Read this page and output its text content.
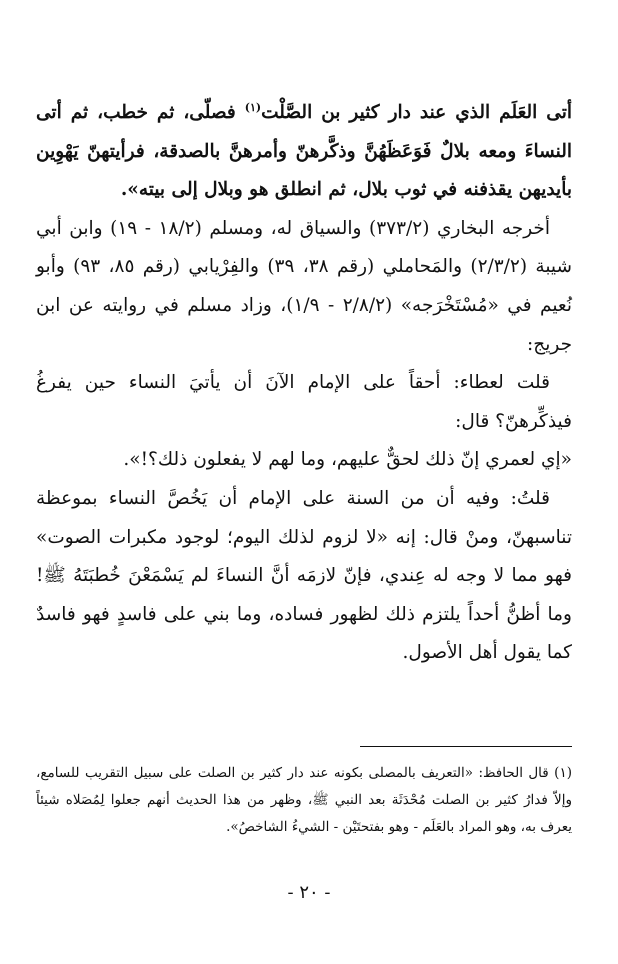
أتى العَلَم الذي عند دار كثير بن الصَّلْت$^{(١)}$ فصلّى، ثم خطب، ثم أتى النساءَ ومعه بلالٌ فَوَعَظَهُنَّ وذكَّرهنّ وأمرهنَّ بالصدقة، فرأيتهنّ يَهْوِين بأيديهن يقذفنه في ثوب بلال، ثم انطلق هو وبلال إلى بيته».

أخرجه البخاري (٣٧٣/٢) والسياق له، ومسلم (١٨/٢ - ١٩) وابن أبي شيبة (٢/٣/٢) والمَحاملي (رقم ٣٨، ٣٩) والفِرْيابي (رقم ٨٥، ٩٣) وأبو نُعيم في «مُسْتَخْرَجه» (٢/٨/٢ - ١/٩)، وزاد مسلم في روايته عن ابن جريج:

قلت لعطاء: أحقاً على الإمام الآنَ أن يأتيَ النساء حين يفرغُ فيذكِّرهنّ؟ قال:

«إي لعمري إنّ ذلك لحقٌّ عليهم، وما لهم لا يفعلون ذلك؟!».

قلتُ: وفيه أن من السنة على الإمام أن يَخُصَّ النساء بموعظة تناسبهنّ، ومنْ قال: إنه «لا لزوم لذلك اليوم؛ لوجود مكبرات الصوت» فهو مما لا وجه له عِندي، فإنّ لازمَه أنَّ النساءَ لم يَسْمَعْنَ خُطبَتَهُ ﷺ! وما أظنُّ أحداً يلتزم ذلك لظهور فساده، وما بني على فاسدٍ فهو فاسدٌ كما يقول أهل الأصول.

(١) قال الحافظ: «التعريف بالمصلى بكونه عند دار كثير بن الصلت على سبيل التقريب للسامع، وإلاّ فدارُ كثير بن الصلت مُحْدَثَة بعد النبي ﷺ، وظهر من هذا الحديث أنهم جعلوا لِمُصَلاه شيئاً يعرف به، وهو المراد بالعَلَم - وهو بفتحتَيْن - الشيءُ الشاخصُ».

- ٢٠ -
